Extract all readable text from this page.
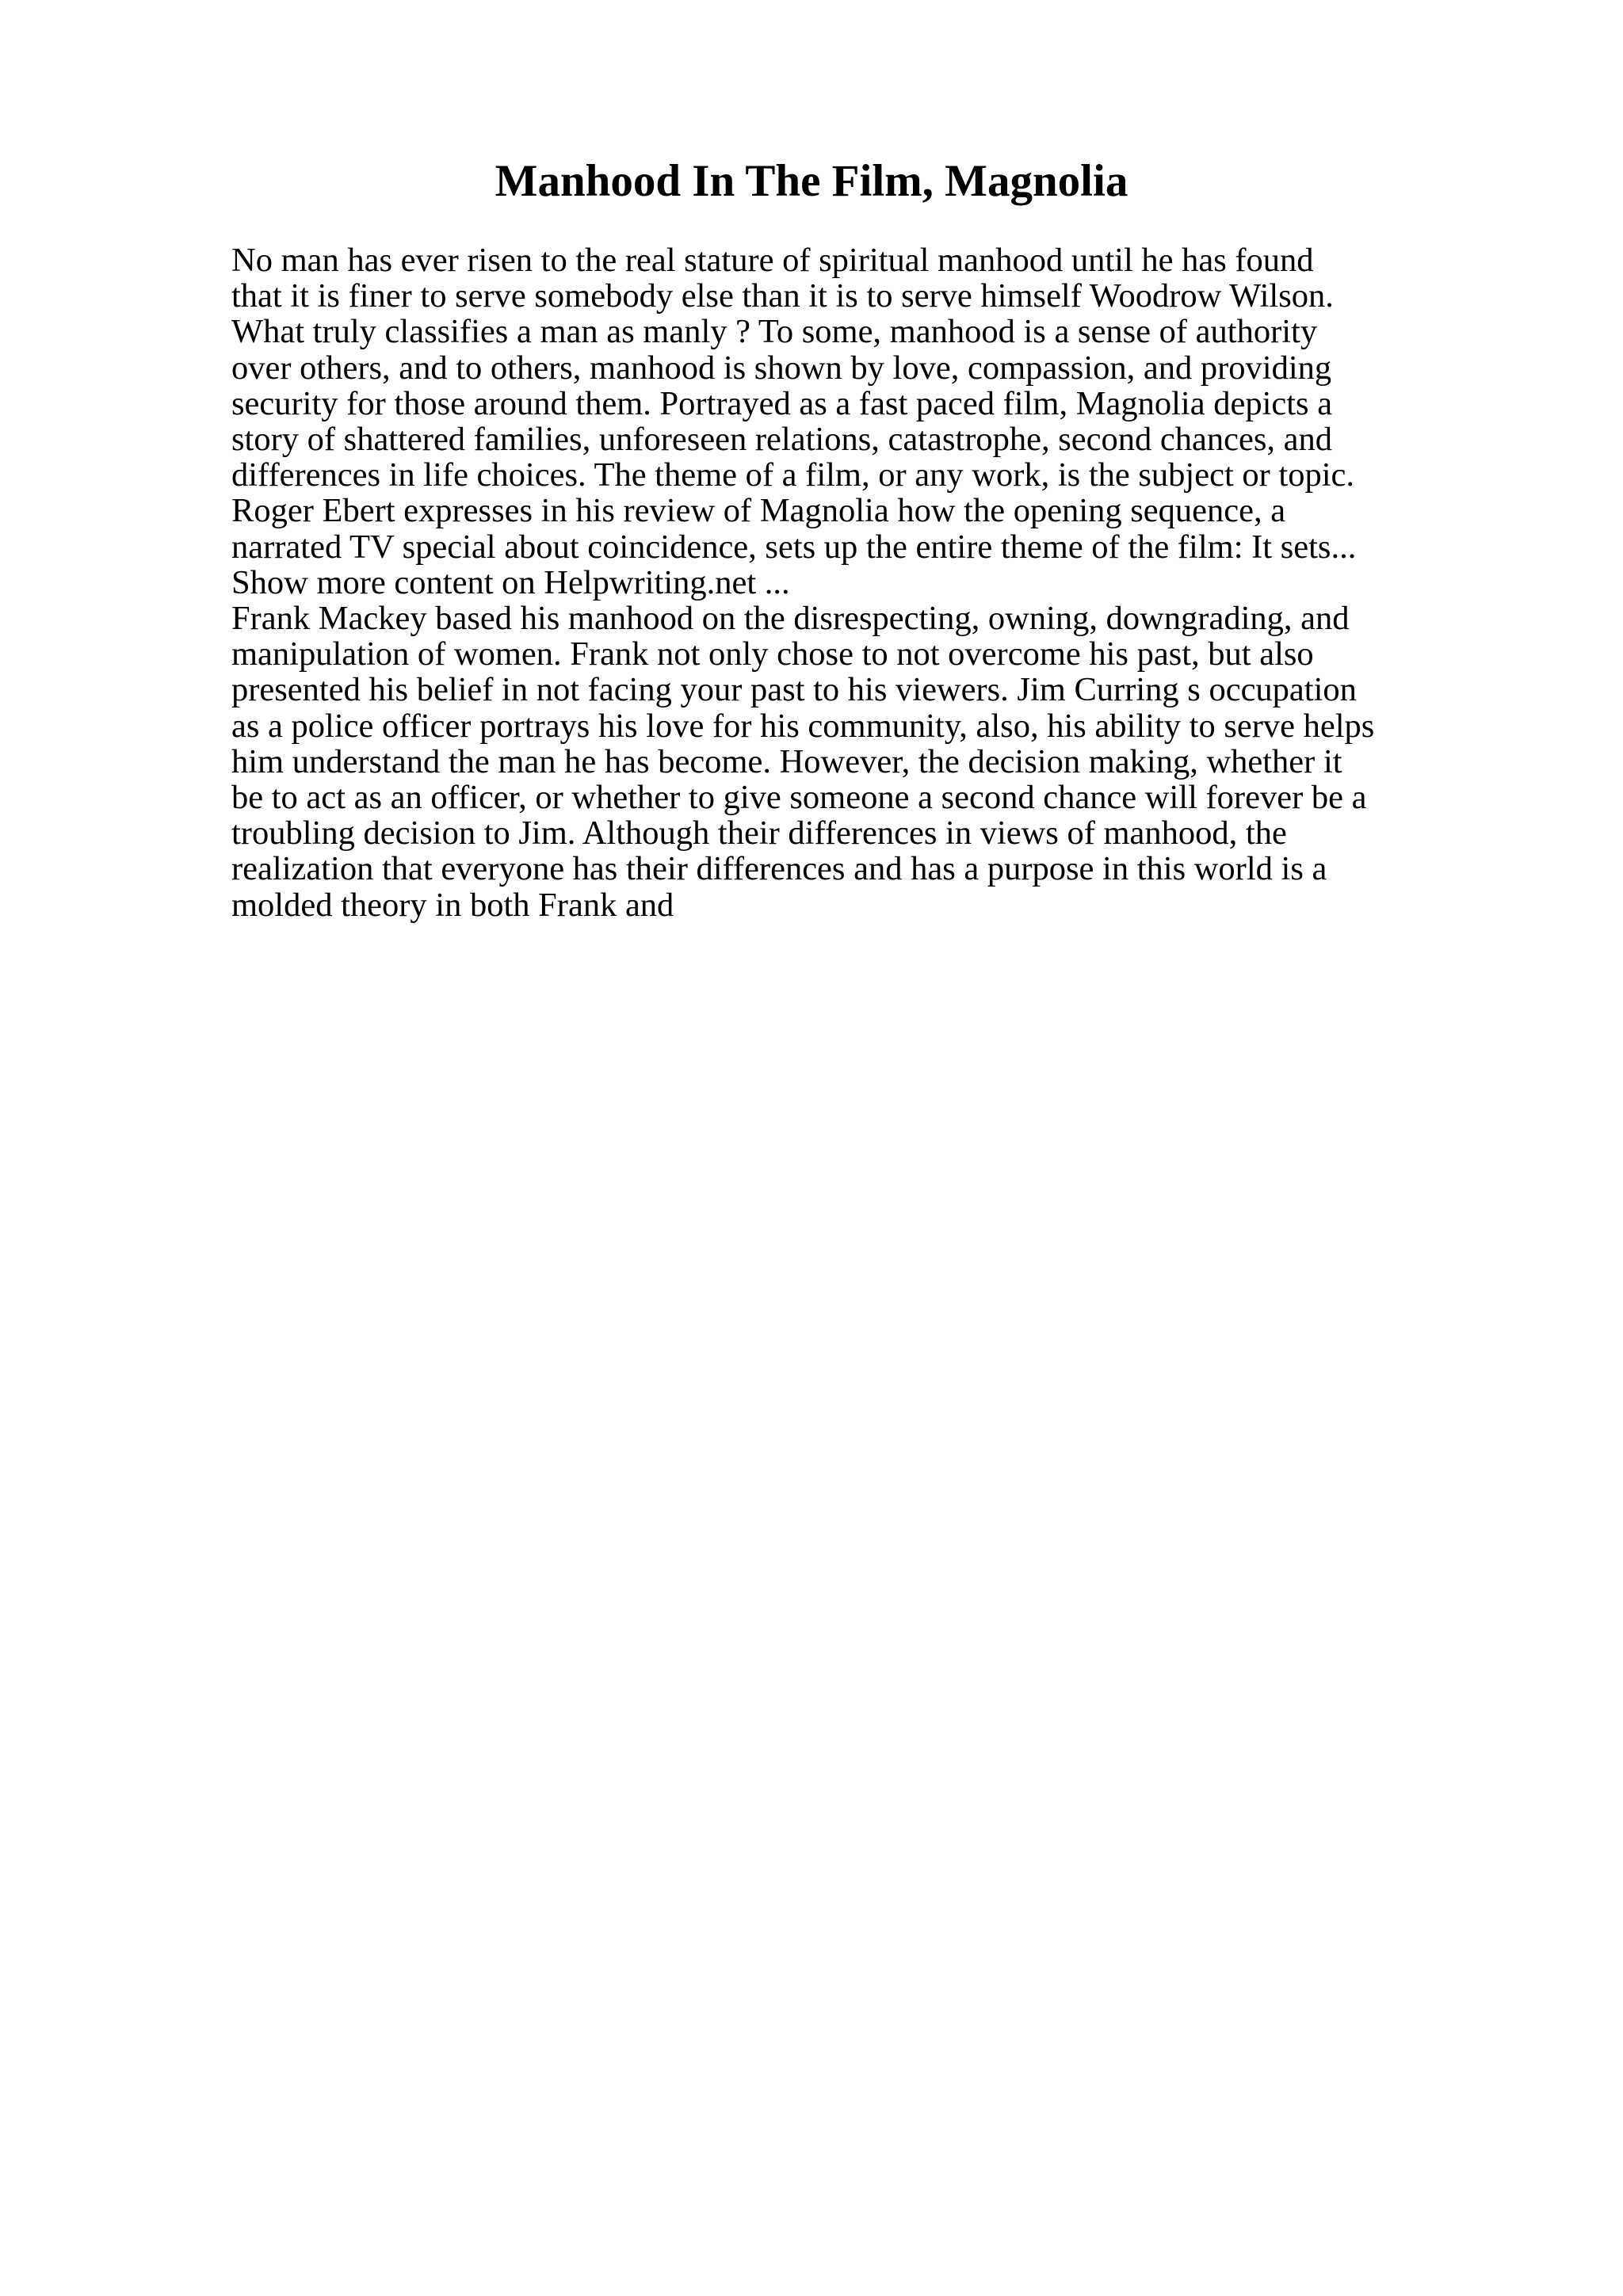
Manhood In The Film, Magnolia
No man has ever risen to the real stature of spiritual manhood until he has found
that it is finer to serve somebody else than it is to serve himself Woodrow Wilson.
What truly classifies a man as manly ? To some, manhood is a sense of authority
over others, and to others, manhood is shown by love, compassion, and providing
security for those around them. Portrayed as a fast paced film, Magnolia depicts a
story of shattered families, unforeseen relations, catastrophe, second chances, and
differences in life choices. The theme of a film, or any work, is the subject or topic.
Roger Ebert expresses in his review of Magnolia how the opening sequence, a
narrated TV special about coincidence, sets up the entire theme of the film: It sets...
Show more content on Helpwriting.net ...
Frank Mackey based his manhood on the disrespecting, owning, downgrading, and
manipulation of women. Frank not only chose to not overcome his past, but also
presented his belief in not facing your past to his viewers. Jim Curring s occupation
as a police officer portrays his love for his community, also, his ability to serve helps
him understand the man he has become. However, the decision making, whether it
be to act as an officer, or whether to give someone a second chance will forever be a
troubling decision to Jim. Although their differences in views of manhood, the
realization that everyone has their differences and has a purpose in this world is a
molded theory in both Frank and
